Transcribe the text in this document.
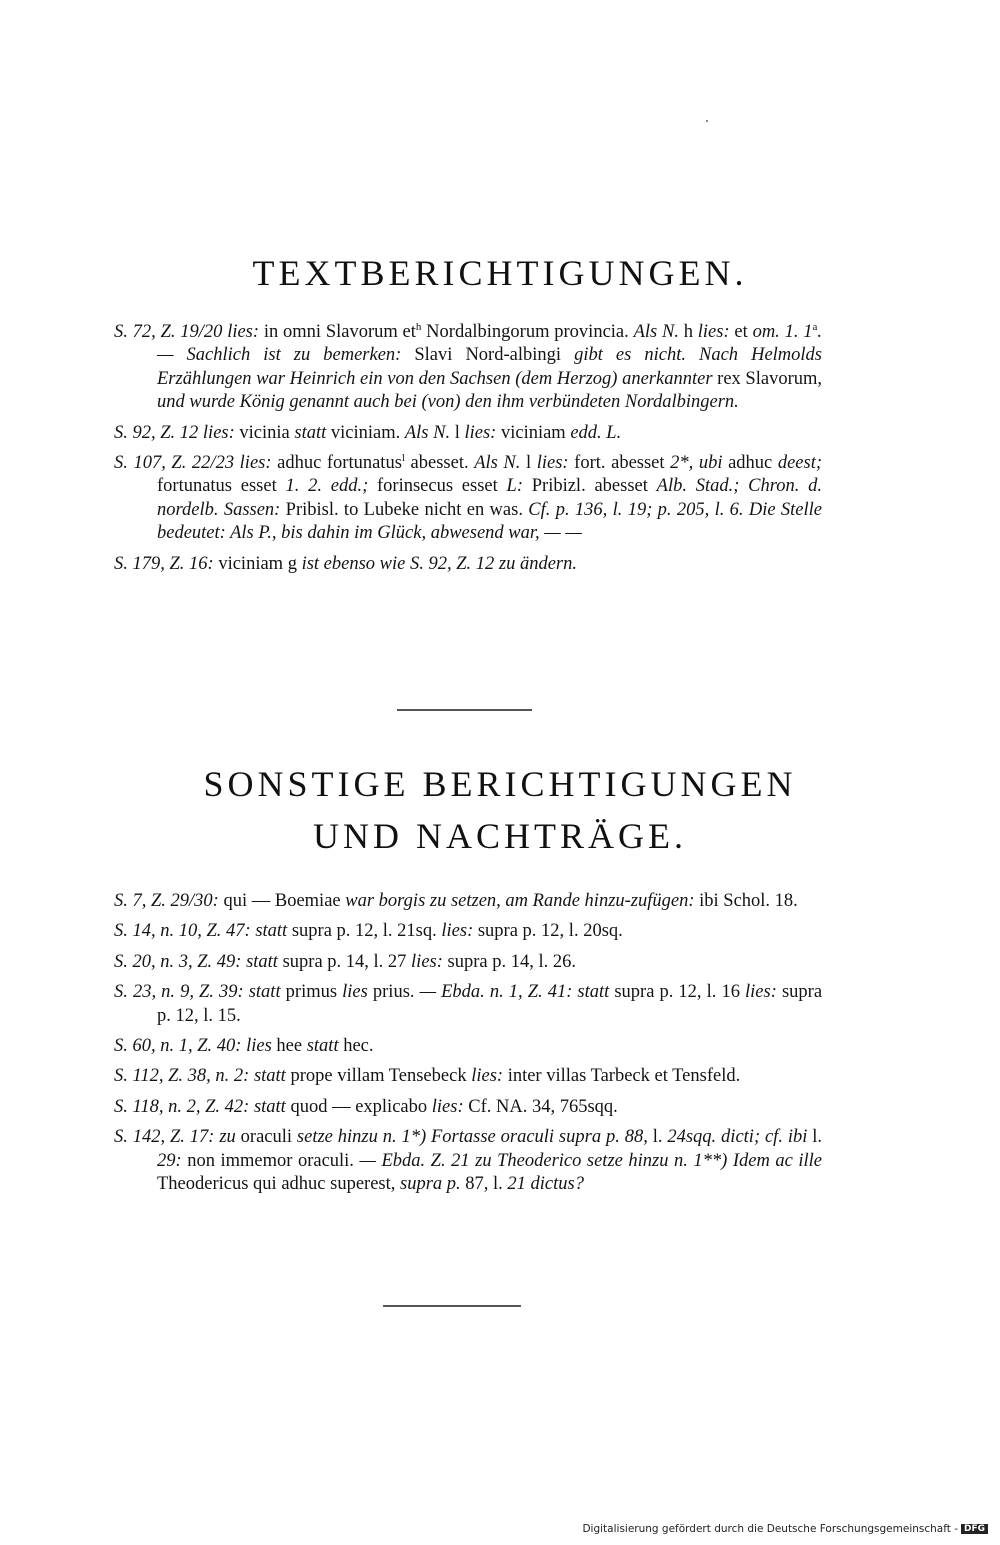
TEXTBERICHTIGUNGEN.
S. 72, Z. 19/20 lies: in omni Slavorum $et^h$ Nordalbingorum provincia. Als N. h lies: et om. 1. 1$^a$. — Sachlich ist zu bemerken: Slavi Nord-albingi gibt es nicht. Nach Helmolds Erzählungen war Heinrich ein von den Sachsen (dem Herzog) anerkannter rex Slavorum, und wurde König genannt auch bei (von) den ihm verbündeten Nordalbingern.
S. 92, Z. 12 lies: vicinia statt viciniam. Als N. l lies: viciniam edd. L.
S. 107, Z. 22/23 lies: adhuc fortunatus$^l$ abesset. Als N. l lies: fort. abesset 2*, ubi adhuc deest; fortunatus esset 1. 2. edd.; forinsecus esset L: Pribizl. abesset Alb. Stad.; Chron. d. nordelb. Sassen: Pribisl. to Lubeke nicht en was. Cf. p. 136, l. 19; p. 205, l. 6. Die Stelle bedeutet: Als P., bis dahin im Glück, abwesend war, — —
S. 179, Z. 16: viciniam g ist ebenso wie S. 92, Z. 12 zu ändern.
SONSTIGE BERICHTIGUNGEN
UND NACHTRÄGE.
S. 7, Z. 29/30: qui — Boemiae war borgis zu setzen, am Rande hinzu-zufügen: ibi Schol. 18.
S. 14, n. 10, Z. 47: statt supra p. 12, l. 21sq. lies: supra p. 12, l. 20sq.
S. 20, n. 3, Z. 49: statt supra p. 14, l. 27 lies: supra p. 14, l. 26.
S. 23, n. 9, Z. 39: statt primus lies prius. — Ebda. n. 1, Z. 41: statt supra p. 12, l. 16 lies: supra p. 12, l. 15.
S. 60, n. 1, Z. 40: lies hee statt hec.
S. 112, Z. 38, n. 2: statt prope villam Tensebeck lies: inter villas Tarbeck et Tensfeld.
S. 118, n. 2, Z. 42: statt quod — explicabo lies: Cf. NA. 34, 765sqq.
S. 142, Z. 17: zu oraculi setze hinzu n. 1*) Fortasse oraculi supra p. 88, l. 24sqq. dicti; cf. ibi l. 29: non immemor oraculi. — Ebda. Z. 21 zu Theoderico setze hinzu n. 1**) Idem ac ille Theodericus qui adhuc superest, supra p. 87, l. 21 dictus?
Digitalisierung gefördert durch die Deutsche Forschungsgemeinschaft - DFG
